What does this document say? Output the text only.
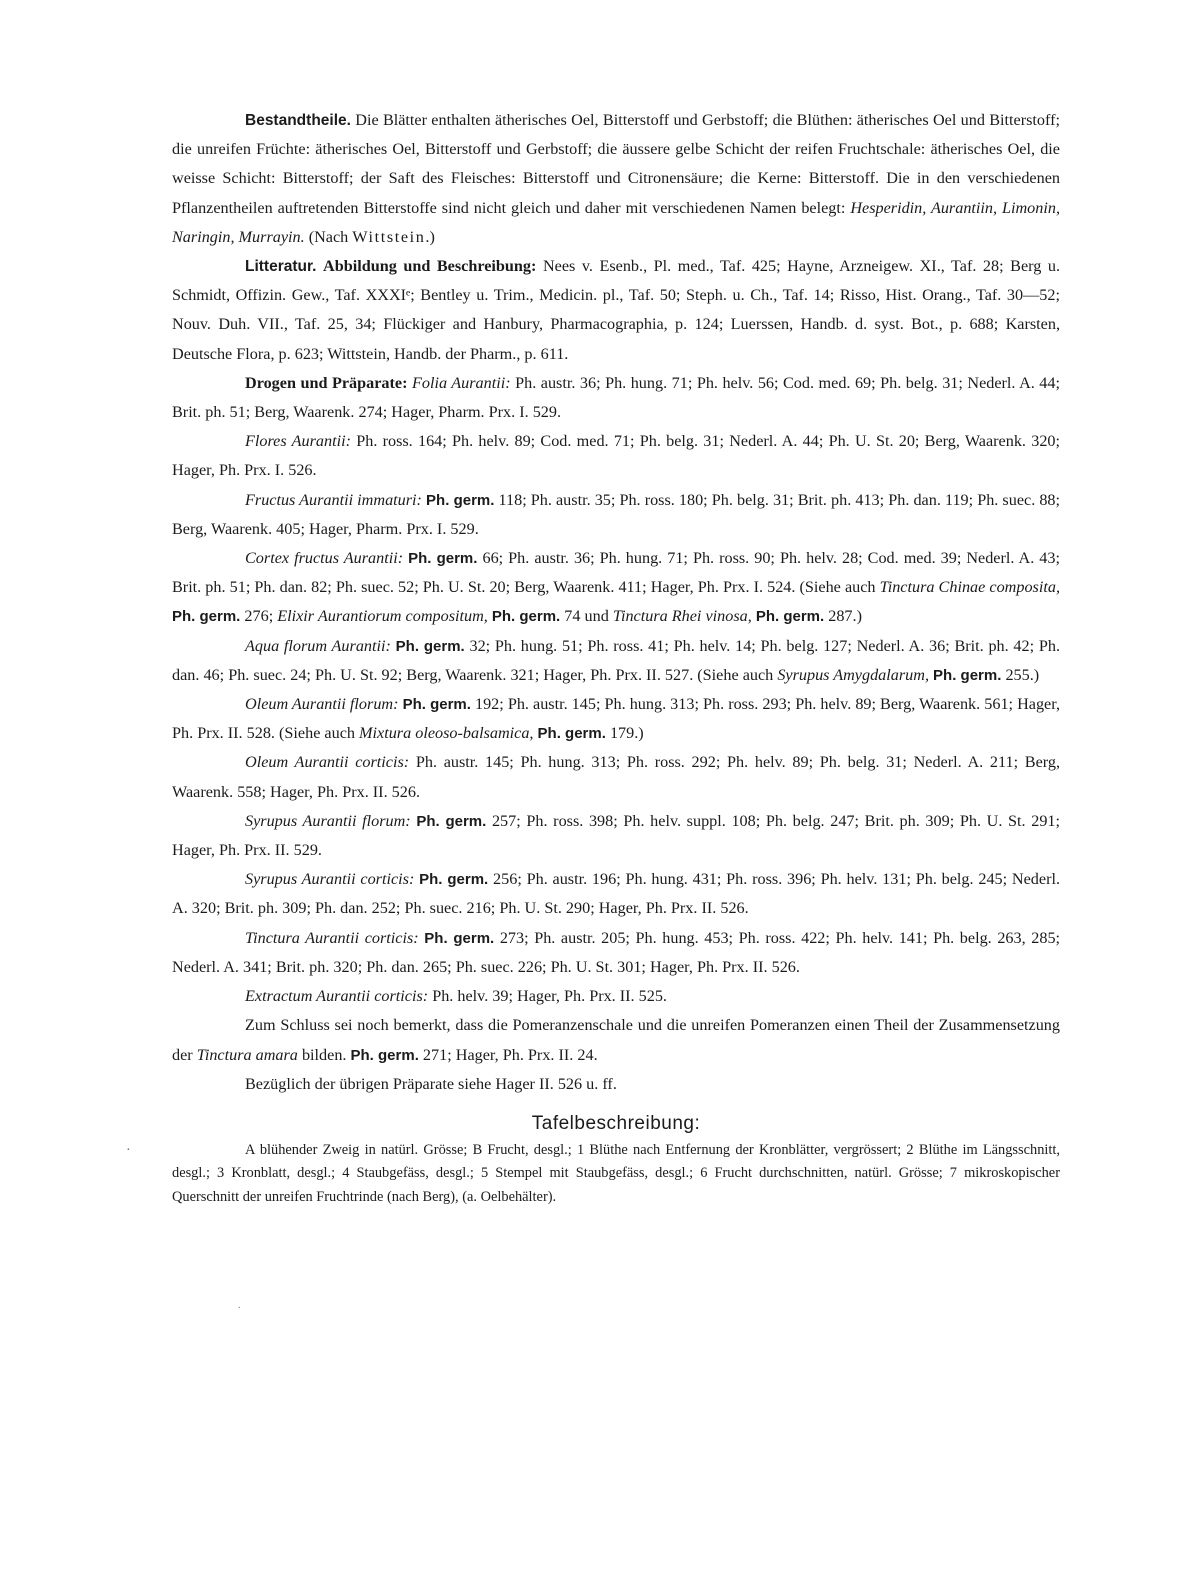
Bestandtheile. Die Blätter enthalten ätherisches Oel, Bitterstoff und Gerbstoff; die Blüthen: ätherisches Oel und Bitterstoff; die unreifen Früchte: ätherisches Oel, Bitterstoff und Gerbstoff; die äussere gelbe Schicht der reifen Fruchtschale: ätherisches Oel, die weisse Schicht: Bitterstoff; der Saft des Fleisches: Bitterstoff und Citronensäure; die Kerne: Bitterstoff. Die in den verschiedenen Pflanzentheilen auftretenden Bitterstoffe sind nicht gleich und daher mit verschiedenen Namen belegt: Hesperidin, Aurantiin, Limonin, Naringin, Murrayin. (Nach Wittstein.)

Litteratur. Abbildung und Beschreibung: Nees v. Esenb., Pl. med., Taf. 425; Hayne, Arzneigew. XI., Taf. 28; Berg u. Schmidt, Offizin. Gew., Taf. XXXIᵉ; Bentley u. Trim., Medicin. pl., Taf. 50; Steph. u. Ch., Taf. 14; Risso, Hist. Orang., Taf. 30—52; Nouv. Duh. VII., Taf. 25, 34; Flückiger and Hanbury, Pharmacographia, p. 124; Luerssen, Handb. d. syst. Bot., p. 688; Karsten, Deutsche Flora, p. 623; Wittstein, Handb. der Pharm., p. 611.

Drogen und Präparate: Folia Aurantii: Ph. austr. 36; Ph. hung. 71; Ph. helv. 56; Cod. med. 69; Ph. belg. 31; Nederl. A. 44; Brit. ph. 51; Berg, Waarenk. 274; Hager, Pharm. Prx. I. 529.

Flores Aurantii: Ph. ross. 164; Ph. helv. 89; Cod. med. 71; Ph. belg. 31; Nederl. A. 44; Ph. U. St. 20; Berg, Waarenk. 320; Hager, Ph. Prx. I. 526.

Fructus Aurantii immaturi: Ph. germ. 118; Ph. austr. 35; Ph. ross. 180; Ph. belg. 31; Brit. ph. 413; Ph. dan. 119; Ph. suec. 88; Berg, Waarenk. 405; Hager, Pharm. Prx. I. 529.

Cortex fructus Aurantii: Ph. germ. 66; Ph. austr. 36; Ph. hung. 71; Ph. ross. 90; Ph. helv. 28; Cod. med. 39; Nederl. A. 43; Brit. ph. 51; Ph. dan. 82; Ph. suec. 52; Ph. U. St. 20; Berg, Waarenk. 411; Hager, Ph. Prx. I. 524. (Siehe auch Tinctura Chinae composita, Ph. germ. 276; Elixir Aurantiorum compositum, Ph. germ. 74 und Tinctura Rhei vinosa, Ph. germ. 287.)

Aqua florum Aurantii: Ph. germ. 32; Ph. hung. 51; Ph. ross. 41; Ph. helv. 14; Ph. belg. 127; Nederl. A. 36; Brit. ph. 42; Ph. dan. 46; Ph. suec. 24; Ph. U. St. 92; Berg, Waarenk. 321; Hager, Ph. Prx. II. 527. (Siehe auch Syrupus Amygdalarum, Ph. germ. 255.)

Oleum Aurantii florum: Ph. germ. 192; Ph. austr. 145; Ph. hung. 313; Ph. ross. 293; Ph. helv. 89; Berg, Waarenk. 561; Hager, Ph. Prx. II. 528. (Siehe auch Mixtura oleoso-balsamica, Ph. germ. 179.)

Oleum Aurantii corticis: Ph. austr. 145; Ph. hung. 313; Ph. ross. 292; Ph. helv. 89; Ph. belg. 31; Nederl. A. 211; Berg, Waarenk. 558; Hager, Ph. Prx. II. 526.

Syrupus Aurantii florum: Ph. germ. 257; Ph. ross. 398; Ph. helv. suppl. 108; Ph. belg. 247; Brit. ph. 309; Ph. U. St. 291; Hager, Ph. Prx. II. 529.

Syrupus Aurantii corticis: Ph. germ. 256; Ph. austr. 196; Ph. hung. 431; Ph. ross. 396; Ph. helv. 131; Ph. belg. 245; Nederl. A. 320; Brit. ph. 309; Ph. dan. 252; Ph. suec. 216; Ph. U. St. 290; Hager, Ph. Prx. II. 526.

Tinctura Aurantii corticis: Ph. germ. 273; Ph. austr. 205; Ph. hung. 453; Ph. ross. 422; Ph. helv. 141; Ph. belg. 263, 285; Nederl. A. 341; Brit. ph. 320; Ph. dan. 265; Ph. suec. 226; Ph. U. St. 301; Hager, Ph. Prx. II. 526.

Extractum Aurantii corticis: Ph. helv. 39; Hager, Ph. Prx. II. 525.

Zum Schluss sei noch bemerkt, dass die Pomeranzenschale und die unreifen Pomeranzen einen Theil der Zusammensetzung der Tinctura amara bilden. Ph. germ. 271; Hager, Ph. Prx. II. 24.

Bezüglich der übrigen Präparate siehe Hager II. 526 u. ff.

Tafelbeschreibung:

A blühender Zweig in natürl. Grösse; B Frucht, desgl.; 1 Blüthe nach Entfernung der Kronblätter, vergrössert; 2 Blüthe im Längsschnitt, desgl.; 3 Kronblatt, desgl.; 4 Staubgefäss, desgl.; 5 Stempel mit Staubgefäss, desgl.; 6 Frucht durchschnitten, natürl. Grösse; 7 mikroskopischer Querschnitt der unreifen Fruchtrinde (nach Berg), (a. Oelbehälter).

·
.
